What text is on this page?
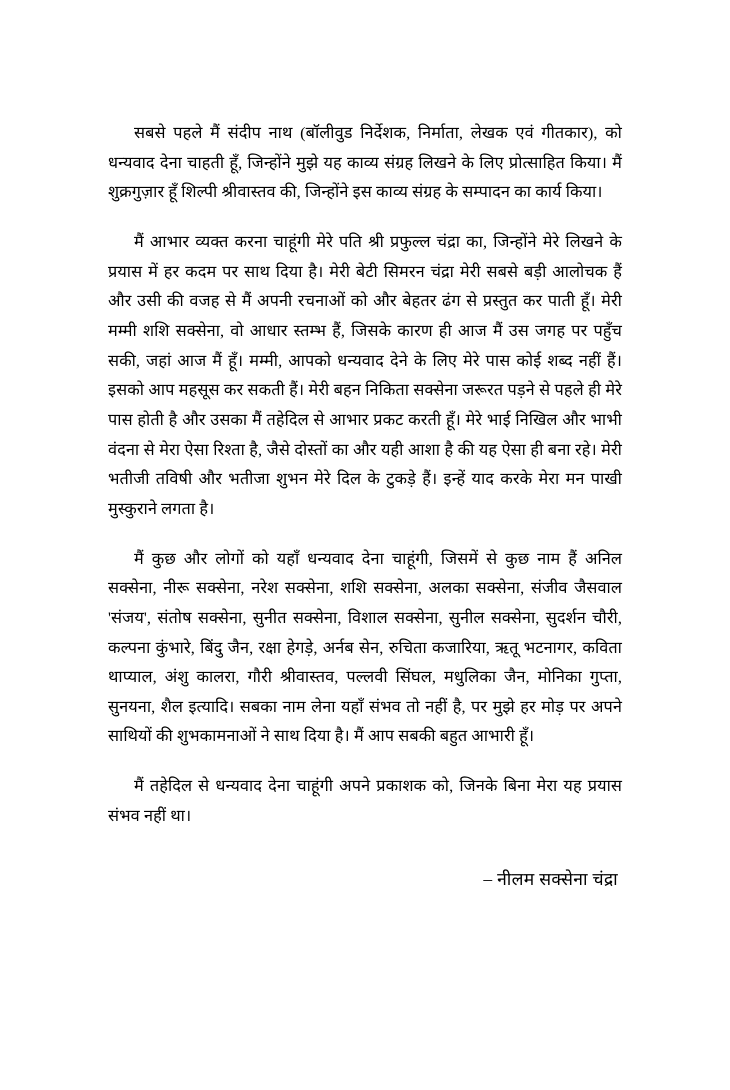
सबसे पहले मैं संदीप नाथ (बॉलीवुड निर्देशक, निर्माता, लेखक एवं गीतकार), को धन्यवाद देना चाहती हूँ, जिन्होंने मुझे यह काव्य संग्रह लिखने के लिए प्रोत्साहित किया। मैं शुक्रगुज़ार हूँ शिल्पी श्रीवास्तव की, जिन्होंने इस काव्य संग्रह के सम्पादन का कार्य किया।

मैं आभार व्यक्त करना चाहूंगी मेरे पति श्री प्रफुल्ल चंद्रा का, जिन्होंने मेरे लिखने के प्रयास में हर कदम पर साथ दिया है। मेरी बेटी सिमरन चंद्रा मेरी सबसे बड़ी आलोचक हैं और उसी की वजह से मैं अपनी रचनाओं को और बेहतर ढंग से प्रस्तुत कर पाती हूँ। मेरी मम्मी शशि सक्सेना, वो आधार स्तम्भ हैं, जिसके कारण ही आज मैं उस जगह पर पहुँच सकी, जहां आज मैं हूँ। मम्मी, आपको धन्यवाद देने के लिए मेरे पास कोई शब्द नहीं हैं। इसको आप महसूस कर सकती हैं। मेरी बहन निकिता सक्सेना जरूरत पड़ने से पहले ही मेरे पास होती है और उसका मैं तहेदिल से आभार प्रकट करती हूँ। मेरे भाई निखिल और भाभी वंदना से मेरा ऐसा रिश्ता है, जैसे दोस्तों का और यही आशा है की यह ऐसा ही बना रहे। मेरी भतीजी तविषी और भतीजा शुभन मेरे दिल के टुकड़े हैं। इन्हें याद करके मेरा मन पाखी मुस्कुराने लगता है।

मैं कुछ और लोगों को यहाँ धन्यवाद देना चाहूंगी, जिसमें से कुछ नाम हैं अनिल सक्सेना, नीरू सक्सेना, नरेश सक्सेना, शशि सक्सेना, अलका सक्सेना, संजीव जैसवाल 'संजय', संतोष सक्सेना, सुनीत सक्सेना, विशाल सक्सेना, सुनील सक्सेना, सुदर्शन चौरी, कल्पना कुंभारे, बिंदु जैन, रक्षा हेगड़े, अर्नब सेन, रुचिता कजारिया, ऋतू भटनागर, कविता थाप्याल, अंशु कालरा, गौरी श्रीवास्तव, पल्लवी सिंघल, मधुलिका जैन, मोनिका गुप्ता, सुनयना, शैल इत्यादि। सबका नाम लेना यहाँ संभव तो नहीं है, पर मुझे हर मोड़ पर अपने साथियों की शुभकामनाओं ने साथ दिया है। मैं आप सबकी बहुत आभारी हूँ।

मैं तहेदिल से धन्यवाद देना चाहूंगी अपने प्रकाशक को, जिनके बिना मेरा यह प्रयास संभव नहीं था।

– नीलम सक्सेना चंद्रा
